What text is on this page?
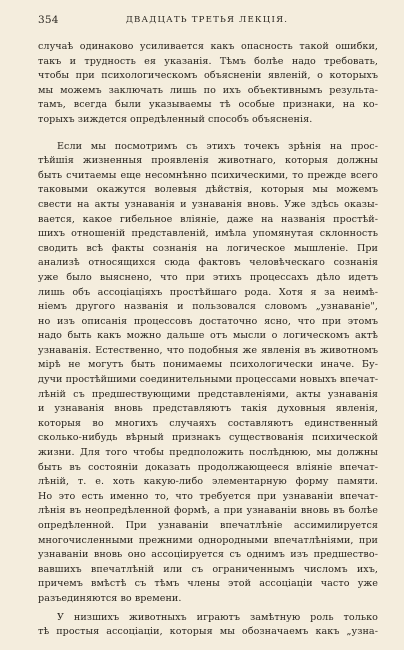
354	ДВАДЦАТЬ ТРЕТЬЯ ЛЕКЦІЯ.
случаѣ одинаково усиливается какъ опасность такой ошибки,
такъ и трудность ея указанія. Тѣмъ болѣе надо требовать,
чтобы при психологическомъ объясненіи явленій, о которыхъ
мы можемъ заключать лишь по ихъ объективнымъ результа-
тамъ, всегда были указываемы тѣ особые признаки, на ко-
торыхъ зиждется опредѣленный способъ объясненія.
Если мы посмотримъ съ этихъ точекъ зрѣнія на прос-
тѣйшія жизненныя проявленія животнаго, которыя должны
быть считаемы еще несомнѣнно психическими, то прежде всего
таковыми окажутся волевыя дѣйствія, которыя мы можемъ
свести на акты узнаванія и узнаванія вновь. Уже здѣсь оказы-
вается, какое гибельное вліяніе, даже на названія простѣй-
шихъ отношеній представленій, имѣла упомянутая склонность
сводить всѣ факты сознанія на логическое мышленіе. При
анализѣ относящихся сюда фактовъ человѣческаго сознанія
уже было выяснено, что при этихъ процессахъ дѣло идетъ
лишь объ ассоціаціяхъ простѣйшаго рода. Хотя я за неимѣ-
ніемъ другого названія и пользовался словомъ „узнаваніе",
но изъ описанія процессовъ достаточно ясно, что при этомъ
надо быть какъ можно дальше отъ мысли о логическомъ актѣ
узнаванія. Естественно, что подобныя же явленія въ животномъ
мірѣ не могутъ быть понимаемы психологически иначе. Бу-
дучи простѣйшими соединительными процессами новыхъ впечат-
лѣній съ предшествующими представленіями, акты узнаванія
и узнаванія вновь представляютъ такія духовныя явленія,
которыя во многихъ случаяхъ составляютъ единственный
сколько-нибудь вѣрный признакъ существованія психической
жизни. Для того чтобы предположить послѣднюю, мы должны
быть въ состояніи доказать продолжающееся вліяніе впечат-
лѣній, т. е. хоть какую-либо элементарную форму памяти.
Но это есть именно то, что требуется при узнаваніи впечат-
лѣнія въ неопредѣленной формѣ, а при узнаваніи вновь въ болѣе
опредѣленной. При узнаваніи впечатлѣніе ассимилируется
многочисленными прежними однородными впечатлѣніями, при
узнаваніи вновь оно ассоціируется съ однимъ изъ предшество-
вавшихъ впечатлѣній или съ ограниченнымъ числомъ ихъ,
причемъ вмѣстѣ съ тѣмъ члены этой ассоціаціи часто уже
разъединяются во времени.
У низшихъ животныхъ играютъ замѣтную роль только
тѣ простыя ассоціаціи, которыя мы обозначаемъ какъ „узна-
